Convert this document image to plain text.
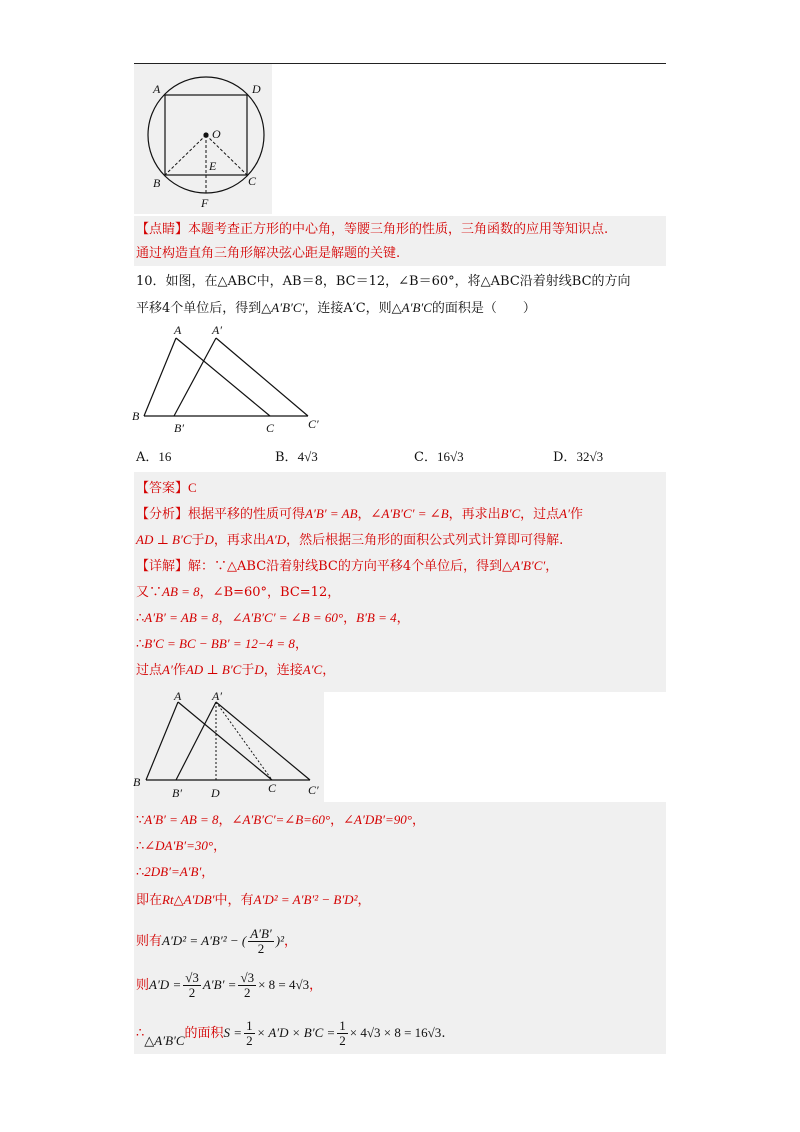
A	D
O
E
B	C
F
【点睛】本题考查正方形的中心角，等腰三角形的性质，三角函数的应用等知识点.
通过构造直角三角形解决弦心距是解题的关键.
10．如图，在△ABC中，AB＝8，BC＝12，∠B＝60°，将△ABC沿着射线BC的方向
平移4个单位后，得到△A′B′C′，连接A′C，则△A′B′C的面积是（　　）
A	A′
B
B′	C	C′
A．16	B．4√3	C．16√3	D．32√3
【答案】C
【分析】根据平移的性质可得A′B′ = AB，∠A′B′C′ = ∠B，再求出B′C，过点A′作
AD ⊥ B′C于D，再求出A′D，然后根据三角形的面积公式列式计算即可得解.
【详解】解：∵△ABC沿着射线BC的方向平移4个单位后，得到△A′B′C′，
又∵AB = 8，∠B=60°，BC=12，
∴A′B′ = AB = 8，∠A′B′C′ = ∠B = 60°，B′B = 4，
∴B′C = BC − BB′ = 12−4 = 8，
过点A′作AD ⊥ B′C于D，连接A′C，
A	A′
B
B′ D	C	C′
∵A′B′ = AB = 8，∠A′B′C′=∠B=60°，∠A′DB′=90°，
∴∠DA′B′=30°，
∴2DB′=A′B′，
即在Rt△A′DB′中，有A′D² = A′B′² − B′D²，
则有A′D² = A′B′² − ( $\frac{A'B'}{2} )^2$，
则$A'D = \frac{√3}{2} A'B' = \frac{√3}{2} \times 8 = 4√3$，
∴△A′B′C的面积$S = \frac{1}{2} \times A'D \times B'C = \frac{1}{2} \times 4√3 \times 8 = 16√3$.
